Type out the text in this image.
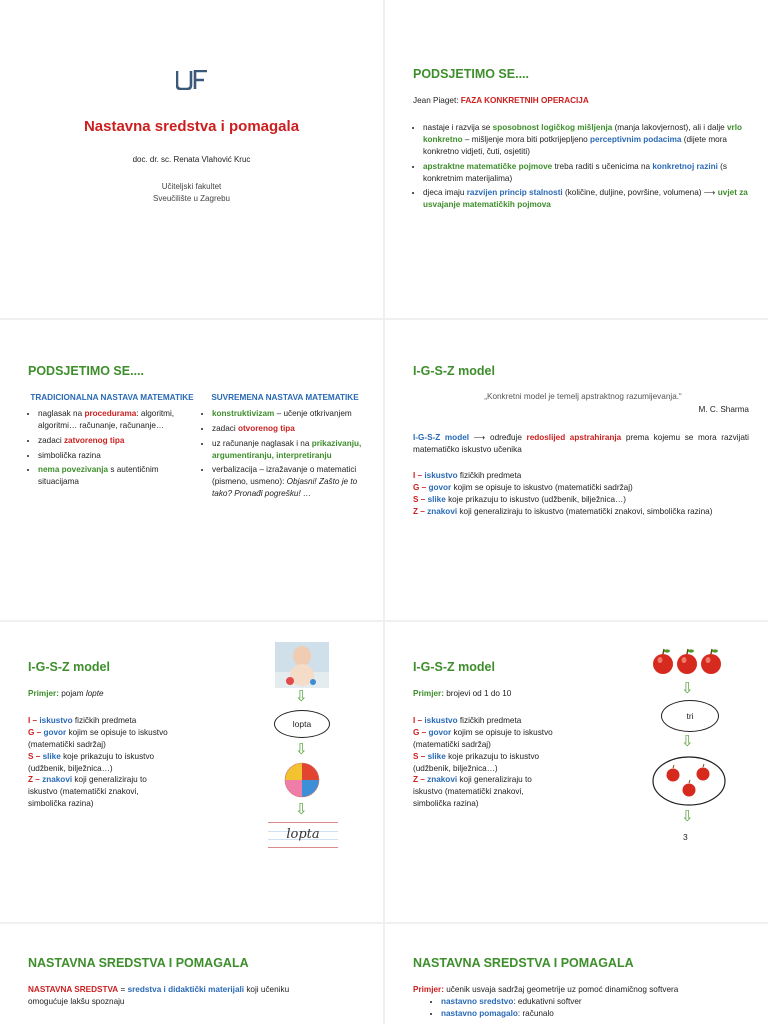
Nastavna sredstva i pomagala
doc. dr. sc. Renata Vlahović Kruc
Učiteljski fakultet
Sveučilište u Zagrebu
PODSJETIMO SE....
Jean Piaget: FAZA KONKRETNIH OPERACIJA
• nastaje i razvija se sposobnost logičkog mišljenja (manja lakovjernost), ali i dalje vrlo konkretno – mišljenje mora biti potkrijepljeno perceptivnim podacima (dijete mora konkretno vidjeti, čuti, osjetiti)
• apstraktne matematičke pojmove treba raditi s učenicima na konkretnoj razini (s konkretnim materijalima)
• djeca imaju razvijen princip stalnosti (količine, duljine, površine, volumena) ⟶ uvjet za usvajanje matematičkih pojmova
PODSJETIMO SE....
TRADICIONALNA NASTAVA MATEMATIKE
• naglasak na procedurama: algoritmi, algoritmi… računanje, računanje…
• zadaci zatvorenog tipa
• simbolička razina
• nema povezivanja s autentičnim situacijama
SUVREMENA NASTAVA MATEMATIKE
• konstruktivizam – učenje otkrivanjem
• zadaci otvorenog tipa
• uz računanje naglasak i na prikazivanju, argumentiranju, interpretiranju
• verbalizacija – izražavanje o matematici (pismeno, usmeno): Objasni! Zašto je to tako? Pronađi pogrešku! …
I-G-S-Z model
„Konkretni model je temelj apstraktnog razumijevanja.“
M. C. Sharma
I-G-S-Z model ⟶ određuje redoslijed apstrahiranja prema kojemu se mora razvijati matematičko iskustvo učenika
I – iskustvo fizičkih predmeta
G – govor kojim se opisuje to iskustvo (matematički sadržaj)
S – slike koje prikazuju to iskustvo (udžbenik, bilježnica…)
Z – znakovi koji generaliziraju to iskustvo (matematički znakovi, simbolička razina)
I-G-S-Z model
Primjer: pojam lopte
I – iskustvo fizičkih predmeta
G – govor kojim se opisuje to iskustvo (matematički sadržaj)
S – slike koje prikazuju to iskustvo (udžbenik, bilježnica…)
Z – znakovi koji generaliziraju to iskustvo (matematički znakovi, simbolička razina)
⇩
lopta
⇩
⇩
lopta
I-G-S-Z model
Primjer: brojevi od 1 do 10
I – iskustvo fizičkih predmeta
G – govor kojim se opisuje to iskustvo (matematički sadržaj)
S – slike koje prikazuju to iskustvo (udžbenik, bilježnica…)
Z – znakovi koji generaliziraju to iskustvo (matematički znakovi, simbolička razina)
⇩
tri
⇩
⇩
3
NASTAVNA SREDSTVA I POMAGALA
NASTAVNA SREDSTVA = sredstva i didaktički materijali koji učeniku omogućuje lakšu spoznaju
NASTAVNA SREDSTVA I POMAGALA
Primjer: učenik usvaja sadržaj geometrije uz pomoć dinamičnog softvera
• nastavno sredstvo: edukativni softver
• nastavno pomagalo: računalo
